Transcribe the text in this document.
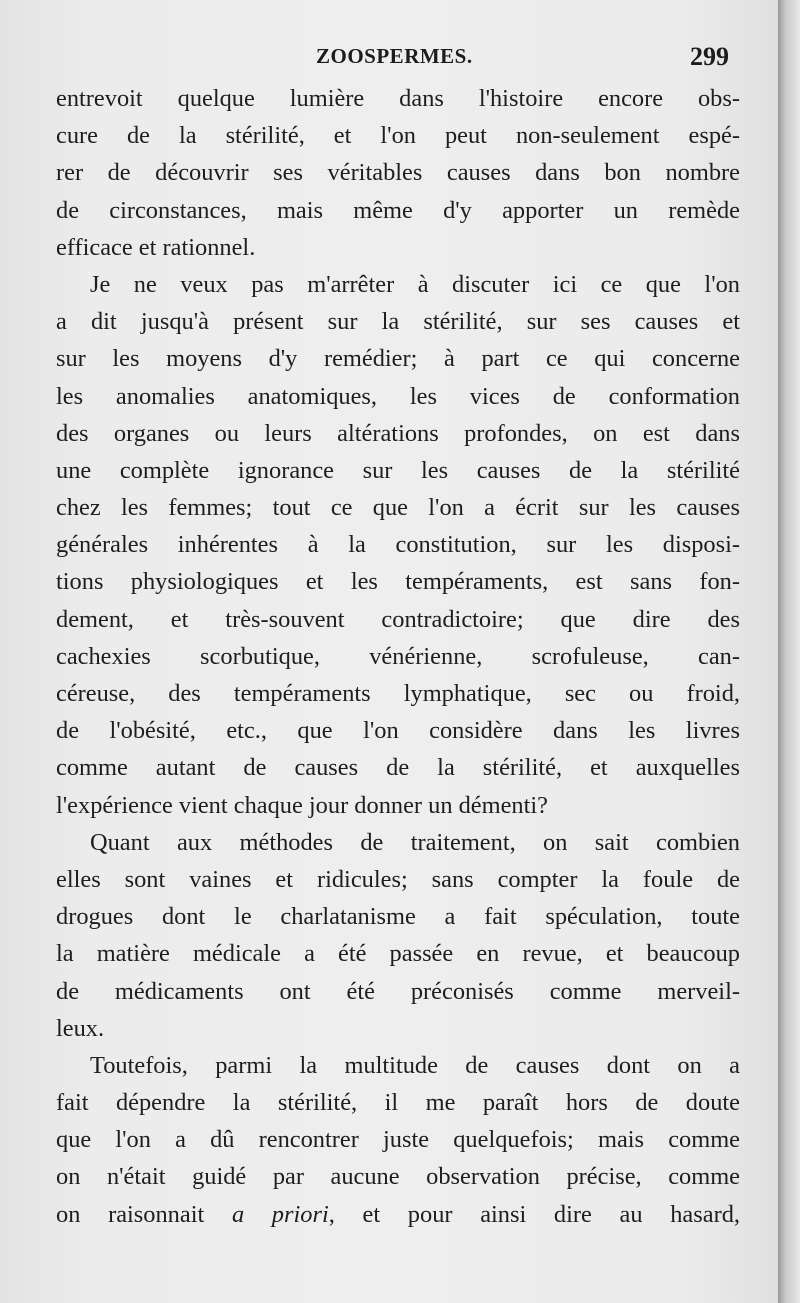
ZOOSPERMES.	299
entrevoit quelque lumière dans l'histoire encore obs-
cure de la stérilité, et l'on peut non-seulement espé-
rer de découvrir ses véritables causes dans bon nombre
de circonstances, mais même d'y apporter un remède
efficace et rationnel.
Je ne veux pas m'arrêter à discuter ici ce que l'on
a dit jusqu'à présent sur la stérilité, sur ses causes et
sur les moyens d'y remédier; à part ce qui concerne
les anomalies anatomiques, les vices de conformation
des organes ou leurs altérations profondes, on est dans
une complète ignorance sur les causes de la stérilité
chez les femmes; tout ce que l'on a écrit sur les causes
générales inhérentes à la constitution, sur les disposi-
tions physiologiques et les tempéraments, est sans fon-
dement, et très-souvent contradictoire; que dire des
cachexies scorbutique, vénérienne, scrofuleuse, can-
céreuse, des tempéraments lymphatique, sec ou froid,
de l'obésité, etc., que l'on considère dans les livres
comme autant de causes de la stérilité, et auxquelles
l'expérience vient chaque jour donner un démenti?
Quant aux méthodes de traitement, on sait combien
elles sont vaines et ridicules; sans compter la foule de
drogues dont le charlatanisme a fait spéculation, toute
la matière médicale a été passée en revue, et beaucoup
de médicaments ont été préconisés comme merveil-
leux.
Toutefois, parmi la multitude de causes dont on a
fait dépendre la stérilité, il me paraît hors de doute
que l'on a dû rencontrer juste quelquefois; mais comme
on n'était guidé par aucune observation précise, comme
on raisonnait a priori, et pour ainsi dire au hasard,
